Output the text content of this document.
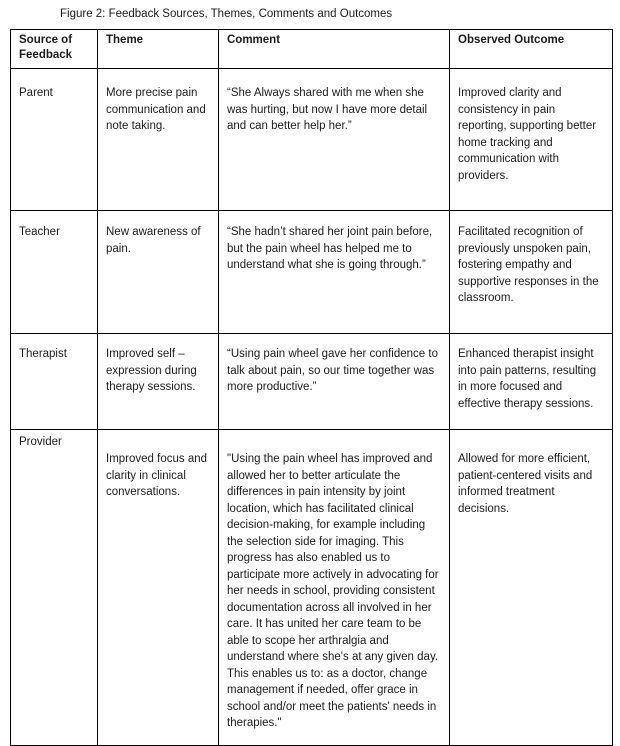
Figure 2: Feedback Sources, Themes, Comments and Outcomes
Source of Feedback	Theme	Comment	Observed Outcome
Parent	More precise pain communication and note taking.	“She Always shared with me when she was hurting, but now I have more detail and can better help her.”	Improved clarity and consistency in pain reporting, supporting better home tracking and communication with providers.
Teacher	New awareness of pain.	“She hadn’t shared her joint pain before, but the pain wheel has helped me to understand what she is going through.”	Facilitated recognition of previously unspoken pain, fostering empathy and supportive responses in the classroom.
Therapist	Improved self – expression during therapy sessions.	“Using pain wheel gave her confidence to talk about pain, so our time together was more productive.”	Enhanced therapist insight into pain patterns, resulting in more focused and effective therapy sessions.
Provider	Improved focus and clarity in clinical conversations.	"Using the pain wheel has improved and allowed her to better articulate the differences in pain intensity by joint location, which has facilitated clinical decision-making, for example including the selection side for imaging. This progress has also enabled us to participate more actively in advocating for her needs in school, providing consistent documentation across all involved in her care. It has united her care team to be able to scope her arthralgia and understand where she's at any given day. This enables us to: as a doctor, change management if needed, offer grace in school and/or meet the patients' needs in therapies."	Allowed for more efficient, patient-centered visits and informed treatment decisions.
